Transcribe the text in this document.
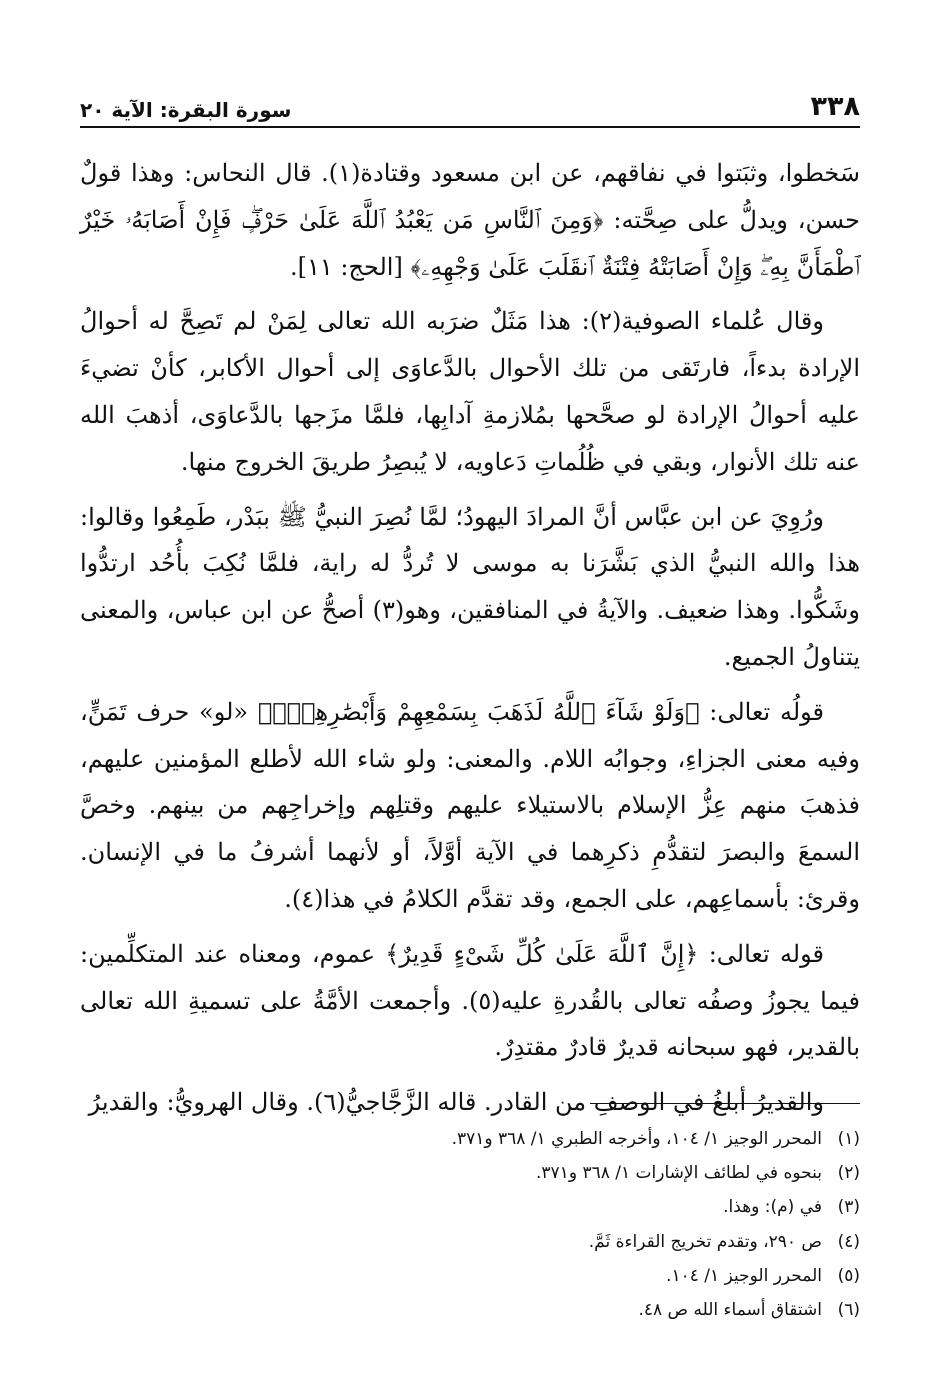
٣٣٨
سورة البقرة: الآية ٢٠

سَخطوا، وثبَتوا في نفاقهم، عن ابن مسعود وقتادة(١). قال النحاس: وهذا قولٌ حسن، ويدلُّ على صِحَّته: ﴿وَمِنَ ٱلنَّاسِ مَن يَعْبُدُ ٱللَّهَ عَلَىٰ حَرْفٍۖ فَإِنْ أَصَابَهُۥ خَيْرٌ ٱطْمَأَنَّ بِهِۦۖ وَإِنْ أَصَابَتْهُ فِتْنَةٌ ٱنقَلَبَ عَلَىٰ وَجْهِهِۦ﴾ [الحج: ١١].

وقال عُلماء الصوفية(٢): هذا مَثَلٌ ضرَبه الله تعالى لِمَنْ لم تَصِحَّ له أحوالُ الإرادة بدءاً، فارتَقى من تلك الأحوال بالدَّعاوَى إلى أحوال الأكابر، كأنْ تضيءَ عليه أحوالُ الإرادة لو صحَّحها بمُلازمةِ آدابِها، فلمَّا مزَجها بالدَّعاوَى، أذهبَ الله عنه تلك الأنوار، وبقي في ظُلُماتِ دَعاويه، لا يُبصِرُ طريقَ الخروج منها.

ورُوِيَ عن ابن عبَّاس أنَّ المرادَ اليهودُ؛ لمَّا نُصِرَ النبيُّ ﷺ ببَدْر، طَمِعُوا وقالوا: هذا والله النبيُّ الذي بَشَّرَنا به موسى لا تُردُّ له راية، فلمَّا نُكِبَ بأُحُد ارتدُّوا وشَكُّوا. وهذا ضعيف. والآيةُ في المنافقين، وهو(٣) أصحُّ عن ابن عباس، والمعنى يتناولُ الجميع.

قولُه تعالى: ﴿وَلَوْ شَآءَ ٱللَّهُ لَذَهَبَ بِسَمْعِهِمْ وَأَبْصَٰرِهِمْۚ﴾ «لو» حرف تَمَنٍّ، وفيه معنى الجزاءِ، وجوابُه اللام. والمعنى: ولو شاء الله لأطلع المؤمنين عليهم، فذهبَ منهم عِزُّ الإسلام بالاستيلاء عليهم وقتلِهم وإخراجِهم من بينهم. وخصَّ السمعَ والبصرَ لتقدُّمِ ذكرِهما في الآية أوَّلاً، أو لأنهما أشرفُ ما في الإنسان. وقرئ: بأسماعِهم، على الجمع، وقد تقدَّم الكلامُ في هذا(٤).

قوله تعالى: ﴿إِنَّ ٱللَّهَ عَلَىٰ كُلِّ شَىْءٍ قَدِيرٌ﴾ عموم، ومعناه عند المتكلِّمين: فيما يجوزُ وصفُه تعالى بالقُدرةِ عليه(٥). وأجمعت الأمَّةُ على تسميةِ الله تعالى بالقدير، فهو سبحانه قديرٌ قادرٌ مقتدِرٌ.

والقديرُ أبلغُ في الوصفِ من القادر. قاله الزَّجَّاجيُّ(٦). وقال الهرويُّ: والقديرُ

(١)المحرر الوجيز ١/ ١٠٤، وأخرجه الطبري ١/ ٣٦٨ و٣٧١.
(٢)بنحوه في لطائف الإشارات ١/ ٣٦٨ و٣٧١.
(٣)في (م): وهذا.
(٤)ص ٢٩٠، وتقدم تخريج القراءة ثَمَّ.
(٥)المحرر الوجيز ١/ ١٠٤.
(٦)اشتقاق أسماء الله ص ٤٨.
